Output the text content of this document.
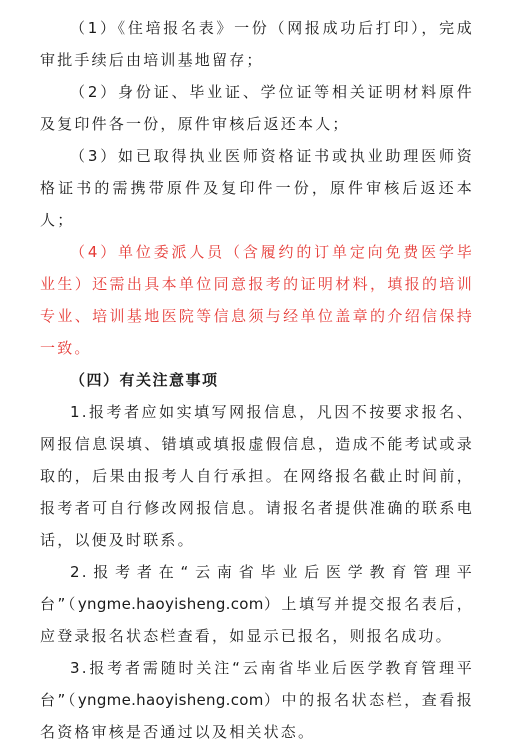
（1）《住培报名表》一份（网报成功后打印），完成审批手续后由培训基地留存；

（2）身份证、毕业证、学位证等相关证明材料原件及复印件各一份，原件审核后返还本人；

（3）如已取得执业医师资格证书或执业助理医师资格证书的需携带原件及复印件一份，原件审核后返还本人；

（4）单位委派人员（含履约的订单定向免费医学毕业生）还需出具本单位同意报考的证明材料，填报的培训专业、培训基地医院等信息须与经单位盖章的介绍信保持一致。

（四）有关注意事项

1.报考者应如实填写网报信息，凡因不按要求报名、网报信息误填、错填或填报虚假信息，造成不能考试或录取的，后果由报考人自行承担。在网络报名截止时间前，报考者可自行修改网报信息。请报名者提供准确的联系电话，以便及时联系。

2.报考者在“云南省毕业后医学教育管理平台”（yngme.haoyisheng.com）上填写并提交报名表后，应登录报名状态栏查看，如显示已报名，则报名成功。

3.报考者需随时关注“云南省毕业后医学教育管理平台”（yngme.haoyisheng.com）中的报名状态栏，查看报名资格审核是否通过以及相关状态。
